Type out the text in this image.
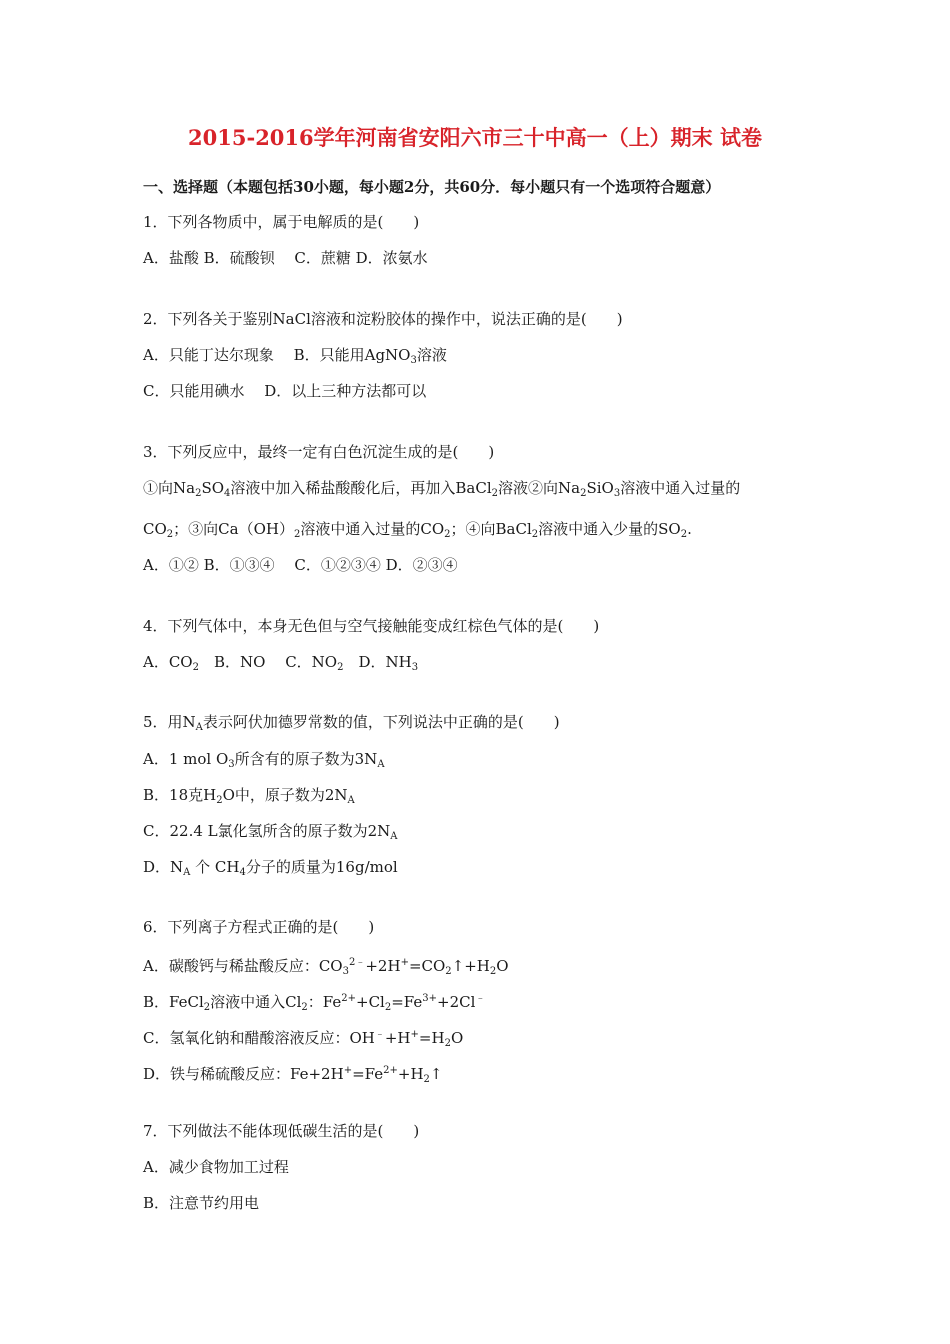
2015-2016学年河南省安阳六市三十中高一（上）期末 试卷
一、选择题（本题包括30小题，每小题2分，共60分．每小题只有一个选项符合题意）
1．下列各物质中，属于电解质的是(　　)
A．盐酸 B．硫酸钡　 C．蔗糖 D．浓氨水
2．下列各关于鉴别NaCl溶液和淀粉胶体的操作中，说法正确的是(　　)
A．只能丁达尔现象　 B．只能用AgNO$_3$溶液
C．只能用碘水　 D．以上三种方法都可以
3．下列反应中，最终一定有白色沉淀生成的是(　　)
①向$Na_2SO_4$溶液中加入稀盐酸酸化后，再加入BaCl$_2$溶液②向$Na_2SiO_3$溶液中通入过量的
$CO_2$；③向$Ca(OH)_2$溶液中通入过量的$CO_2$；④向BaCl$_2$溶液中通入少量的$SO_2$.
A．①② B．①③④　 C．①②③④ D．②③④
4．下列气体中，本身无色但与空气接触能变成红棕色气体的是(　　)
A．$CO_2$　B．NO　 C．$NO_2$　D．$NH_3$
5．用$N_A$表示阿伏加德罗常数的值，下列说法中正确的是(　　)
A．1 mol $O_3$所含有的原子数为$3N_A$
B．18克$H_2O$中，原子数为$2N_A$
C．22.4 L氯化氢所含的原子数为$2N_A$
D．$N_A$ 个 $CH_4$分子的质量为16g/mol
6．下列离子方程式正确的是(　　)
A．碳酸钙与稀盐酸反应：$CO_3^{2﹣}+2H^+=CO_2↑+H_2O$
B．FeCl$_2$溶液中通入$Cl_2$：$Fe^{2+}+Cl_2=Fe^{3+}+2Cl^﹣$
C．氢氧化钠和醋酸溶液反应：$OH^﹣+H^+=H_2O$
D．铁与稀硫酸反应：$Fe+2H^+=Fe^{2+}+H_2↑$
7．下列做法不能体现低碳生活的是(　　)
A．减少食物加工过程
B．注意节约用电
